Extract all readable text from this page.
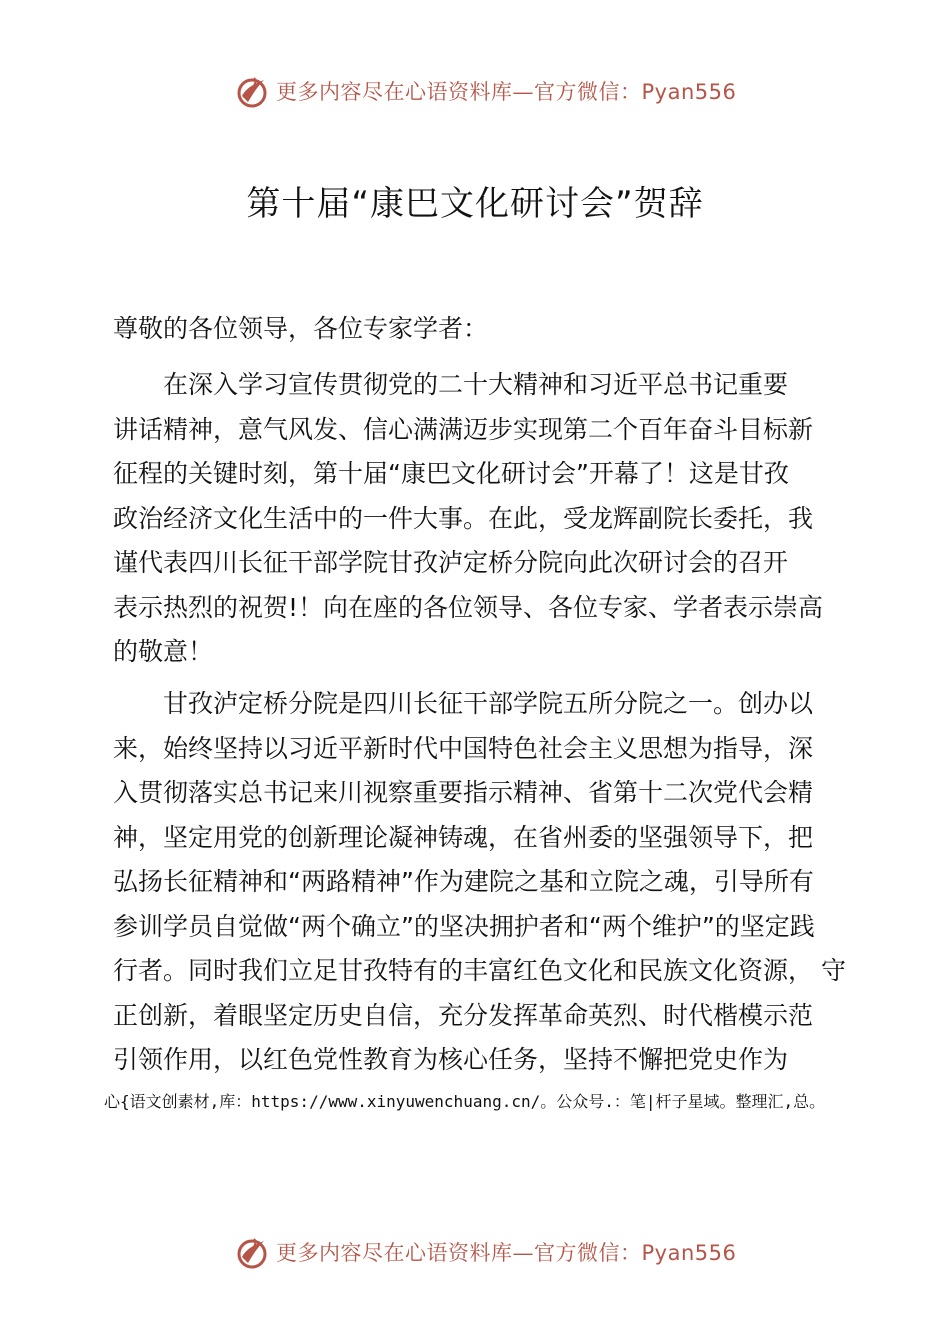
更多内容尽在心语资料库—官方微信：Pyan556
第十届“康巴文化研讨会”贺辞
尊敬的各位领导，各位专家学者：
　　在深入学习宣传贯彻党的二十大精神和习近平总书记重要
讲话精神，意气风发、信心满满迈步实现第二个百年奋斗目标新
征程的关键时刻，第十届“康巴文化研讨会”开幕了！这是甘孜
政治经济文化生活中的一件大事。在此，受龙辉副院长委托，我
谨代表四川长征干部学院甘孜泸定桥分院向此次研讨会的召开
表示热烈的祝贺!！向在座的各位领导、各位专家、学者表示崇高
的敬意！
　　甘孜泸定桥分院是四川长征干部学院五所分院之一。创办以
来，始终坚持以习近平新时代中国特色社会主义思想为指导，深
入贯彻落实总书记来川视察重要指示精神、省第十二次党代会精
神，坚定用党的创新理论凝神铸魂，在省州委的坚强领导下，把
弘扬长征精神和“两路精神”作为建院之基和立院之魂，引导所有
参训学员自觉做“两个确立”的坚决拥护者和“两个维护”的坚定践
行者。同时我们立足甘孜特有的丰富红色文化和民族文化资源， 守
正创新，着眼坚定历史自信，充分发挥革命英烈、时代楷模示范
引领作用，以红色党性教育为核心任务，坚持不懈把党史作为
心{语文创素材,库：https://www.xinyuwenchuang.cn/。公众号.：笔|杆子星域。整理汇,总。
更多内容尽在心语资料库—官方微信：Pyan556
